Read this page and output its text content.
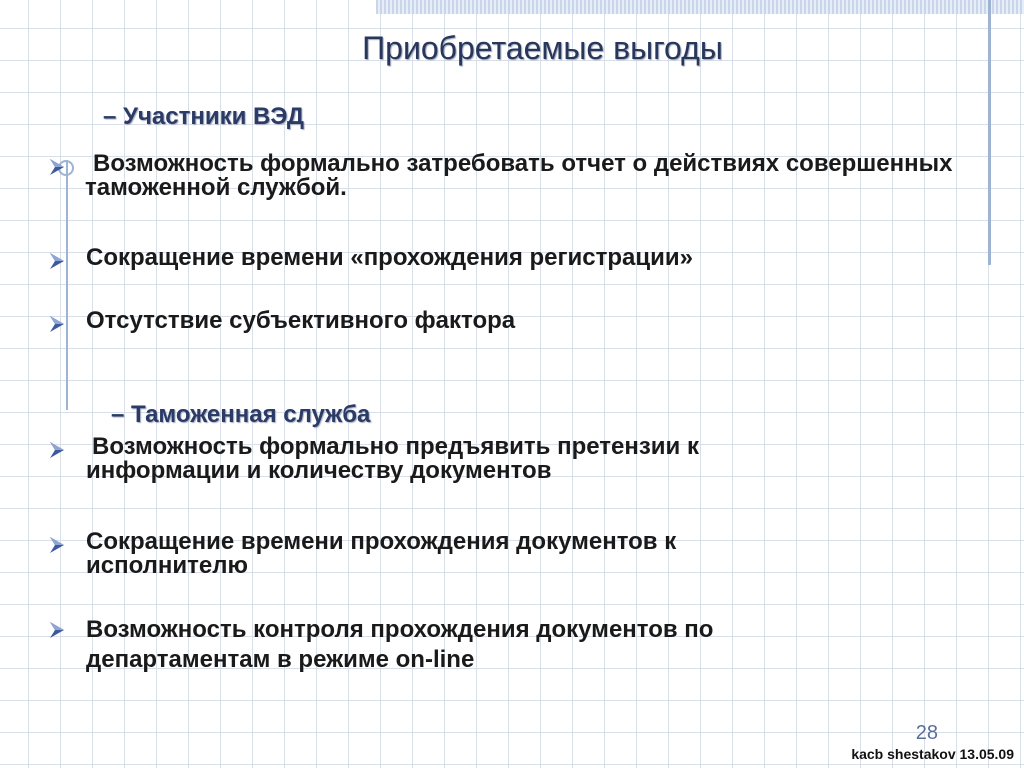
Приобретаемые выгоды
– Участники ВЭД
Возможность формально затребовать отчет о действиях совершенных таможенной службой.
Сокращение времени «прохождения регистрации»
Отсутствие субъективного фактора
– Таможенная служба
Возможность формально предъявить претензии к информации и количеству документов
Сокращение времени прохождения документов к исполнителю
Возможность контроля прохождения документов по департаментам в режиме on-line
28
kacb shestakov 13.05.09
